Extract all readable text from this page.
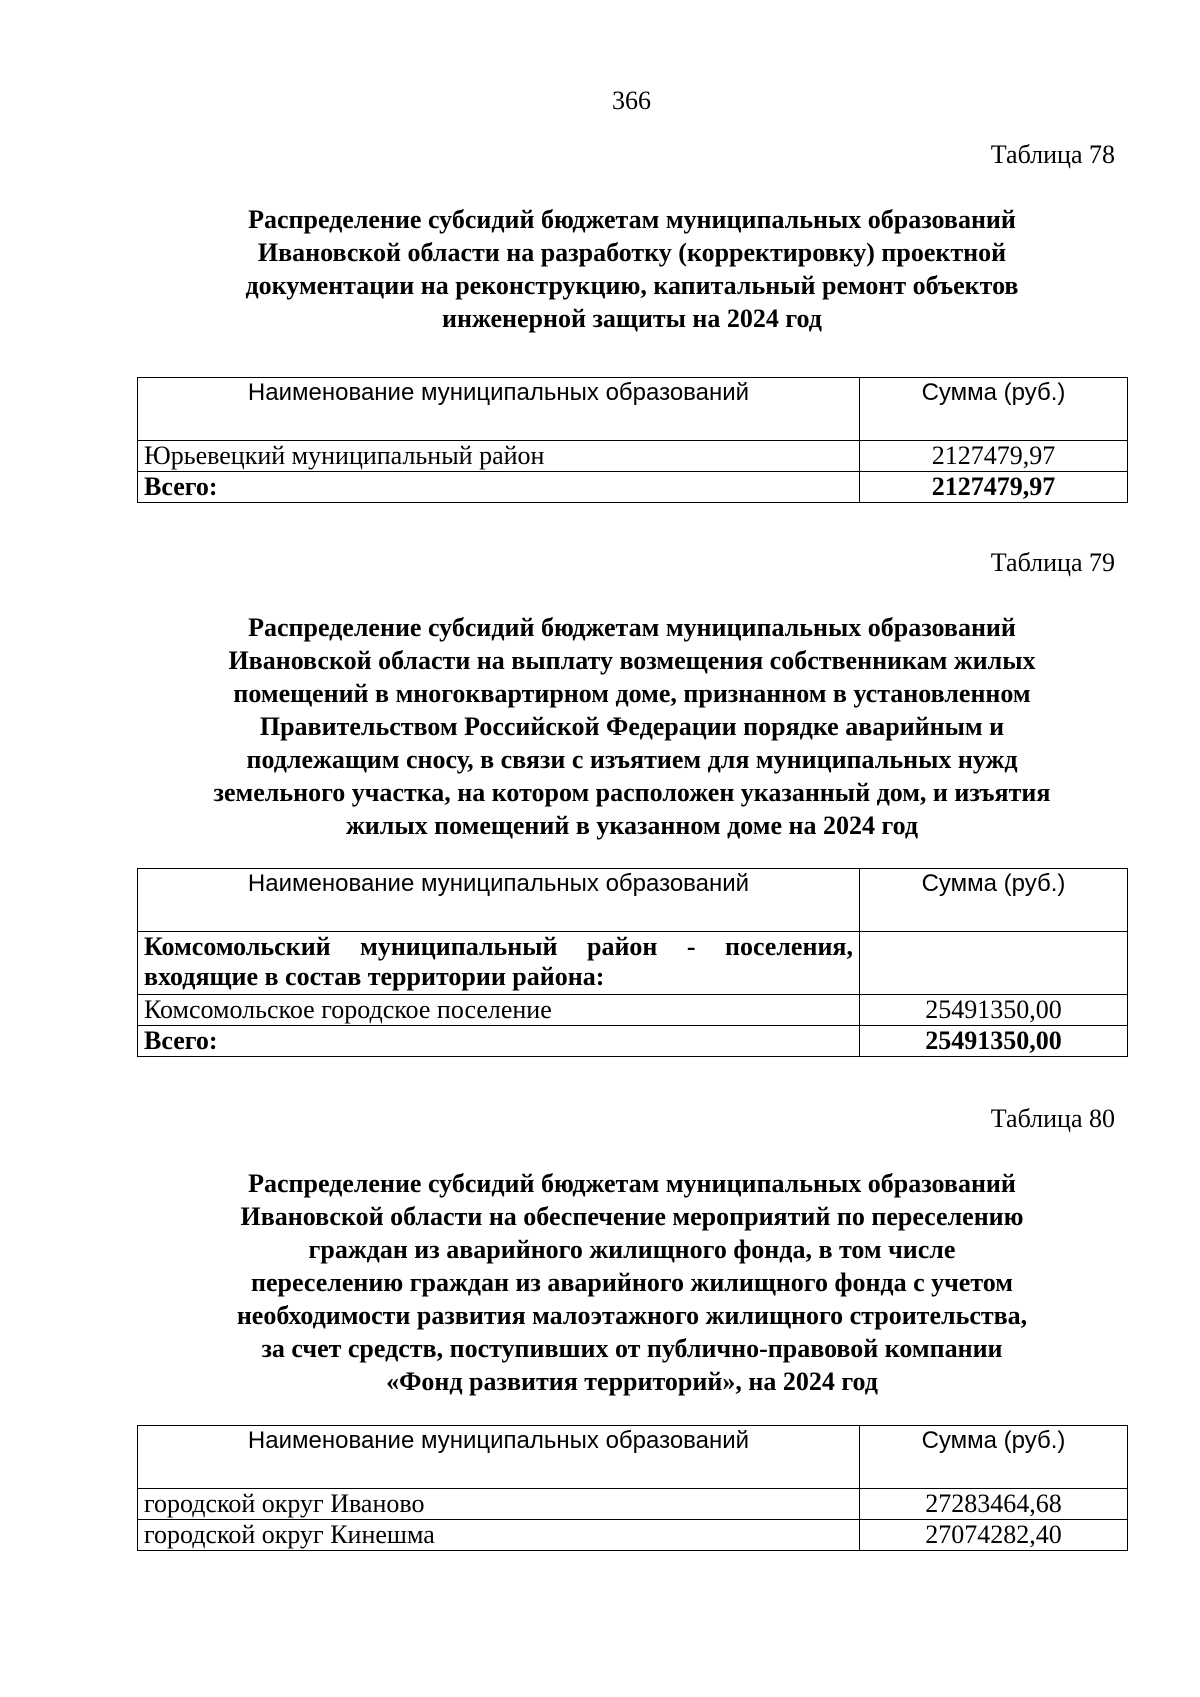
366
Таблица 78
Распределение субсидий бюджетам муниципальных образований
Ивановской области на разработку (корректировку) проектной
документации на реконструкцию, капитальный ремонт объектов
инженерной защиты на 2024 год
Наименование муниципальных образований	Сумма (руб.)
Юрьевецкий муниципальный район	2127479,97
Всего:	2127479,97
Таблица 79
Распределение субсидий бюджетам муниципальных образований
Ивановской области на выплату возмещения собственникам жилых
помещений в многоквартирном доме, признанном в установленном
Правительством Российской Федерации порядке аварийным и
подлежащим сносу, в связи с изъятием для муниципальных нужд
земельного участка, на котором расположен указанный дом, и изъятия
жилых помещений в указанном доме на 2024 год
Наименование муниципальных образований	Сумма (руб.)
Комсомольский муниципальный район - поселения, входящие в состав территории района:	
Комсомольское городское поселение	25491350,00
Всего:	25491350,00
Таблица 80
Распределение субсидий бюджетам муниципальных образований
Ивановской области на обеспечение мероприятий по переселению
граждан из аварийного жилищного фонда, в том числе
переселению граждан из аварийного жилищного фонда с учетом
необходимости развития малоэтажного жилищного строительства,
за счет средств, поступивших от публично-правовой компании
«Фонд развития территорий», на 2024 год
Наименование муниципальных образований	Сумма (руб.)
городской округ Иваново	27283464,68
городской округ Кинешма	27074282,40
